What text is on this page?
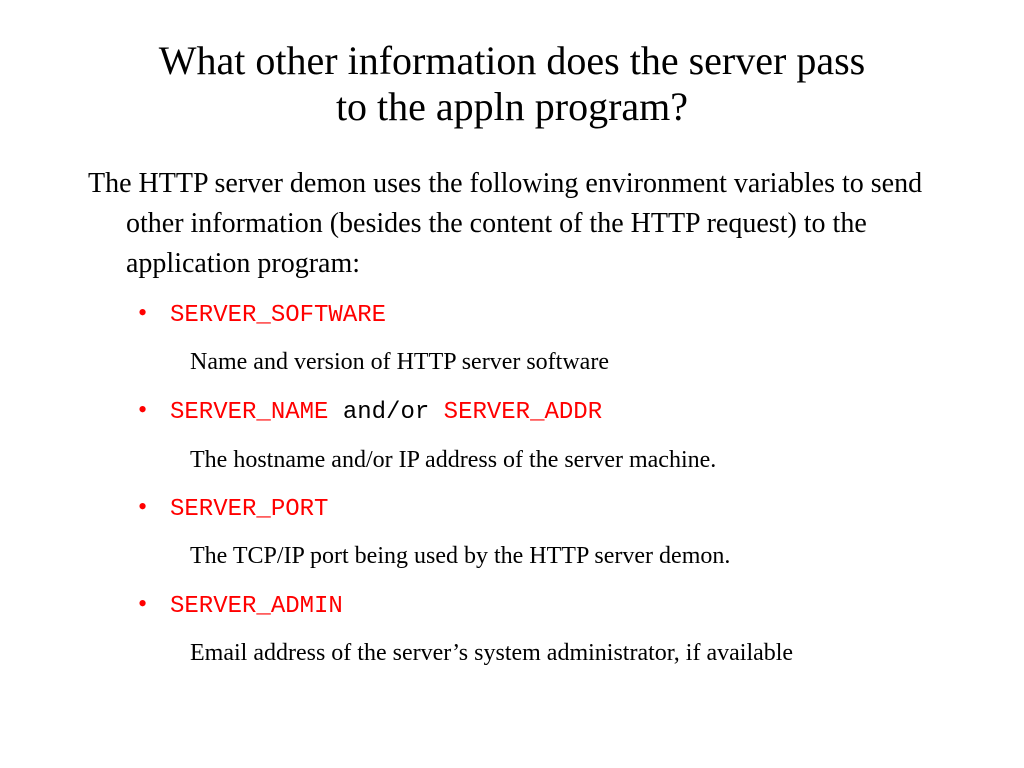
What other information does the server pass
to the appln program?

The HTTP server demon uses the following environment variables to send other information (besides the content of the HTTP request) to the application program:

• SERVER_SOFTWARE

Name and version of HTTP server software

• SERVER_NAME and/or SERVER_ADDR

The hostname and/or IP address of the server machine.

• SERVER_PORT

The TCP/IP port being used by the HTTP server demon.

• SERVER_ADMIN

Email address of the server’s system administrator, if available
